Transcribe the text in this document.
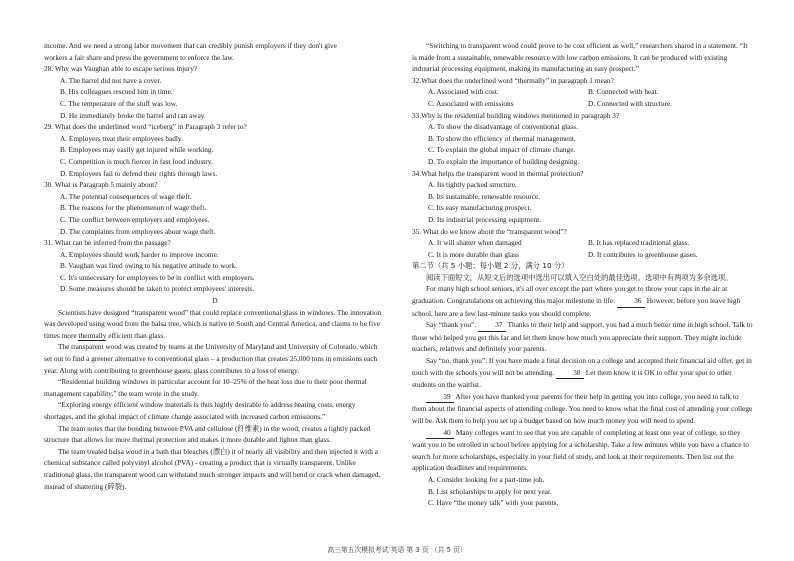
income. And we need a strong labor movement that can credibly punish employers if they don't give

workers a fair share and press the government to enforce the law.

28. Why was Vaughan able to escape serious injury?

A. The barrel did not have a cover.

B. His colleagues rescued him in time.

C. The temperature of the stuff was low.

D. He immediately broke the barrel and ran away.

29. What does the underlined word “iceberg” in Paragraph 3 refer to?

A. Employers treat their employees badly.

B. Employees may easily get injured while working.

C. Competition is much fiercer in fast food industry.

D. Employees fail to defend their rights through laws.

30. What is Paragraph 5 mainly about?

A. The potential consequences of wage theft.

B. The reasons for the phenomenon of wage theft.

C. The conflict between employers and employees.

D. The complaints from employees about wage theft.

31. What can be inferred from the passage?

A. Employees should work harder to improve income.

B. Vaughan was fired owing to his negative attitude to work.

C. It's unnecessary for employees to be in conflict with employers.

D. Some measures should be taken to protect employees' interests.

D

Scientists have designed “transparent wood” that could replace conventional glass in windows. The innovation was developed using wood from the balsa tree, which is native to South and Central America, and claims to be five times more thermally efficient than glass.

The transparent wood was created by teams at the University of Maryland and University of Colorado, which set out to find a greener alternative to conventional glass – a production that creates 25,000 tons in emissions each year. Along with contributing to greenhouse gases, glass contributes to a loss of energy.

“Residential building windows in particular account for 10–25% of the heat loss due to their poor thermal management capability,” the team wrote in the study.

“Exploring energy efficient window materials is thus highly desirable to address heating costs, energy shortages, and the global impact of climate change associated with increased carbon emissions.”

The team notes that the bonding between PVA and cellulose (纤维素) in the wood, creates a tightly packed structure that allows for more thermal protection and makes it more durable and lighter than glass.

The team treated balsa wood in a bath that bleaches (漂白) it of nearly all visibility and then injected it with a chemical substance called polyvinyl alcohol (PVA) - creating a product that is virtually transparent. Unlike traditional glass, the transparent wood can withstand much stronger impacts and will bend or crack when damaged, instead of shattering (碎裂).

“Switching to transparent wood could prove to be cost efficient as well,” researchers shared in a statement. “It is made from a sustainable, renewable resource with low carbon emissions. It can be produced with existing industrial processing equipment, making its manufacturing an easy prospect.”

32.What does the underlined word “thermally” in paragraph 1 mean?

A. Associated with cost.	B. Connected with heat.

C. Associated with emissions	D. Connected with structure.

33.Why is the residential building windows mentioned in paragraph 3?

A. To show the disadvantage of conventional glass.

B. To show the efficiency of thermal management.

C. To explain the global impact of climate change.

D. To explain the importance of building designing.

34.What helps the transparent wood in thermal protection?

A. Its tightly packed structure.

B. Its sustainable, renewable resource.

C. Its easy manufacturing prospect.

D. Its industrial processing equipment.

35. What do we know about the “transparent wood”?

A. It will shatter when damaged	B. It has replaced traditional glass.

C. It is more durable than glass	D. It contributes to greenhouse gases.

第二节（共 5 小题；每小题 2 分，满分 10 分）

阅读下面短文，从短文后的选项中选出可以填入空白处的最佳选项。选项中有两项为多余选项。

For many high school seniors, it's all over except the part where you get to throw your caps in the air at graduation. Congratulations on achieving this major milestone in life. 36 However, before you leave high school, here are a few last-minute tasks you should complete.

Say “thank you”. 37 Thanks to their help and support, you had a much better time in high school. Talk to those who helped you get this far and let them know how much you appreciate their support. They might include teachers, relatives and definitely your parents.

Say “no, thank you”. If you have made a final decision on a college and accepted their financial aid offer, get in touch with the schools you will not be attending. 38 Let them know it is OK to offer your spot to other students on the waitlist.

39 After you have thanked your parents for their help in getting you into college, you need to talk to them about the financial aspects of attending college. You need to know what the final cost of attending your college will be. Ask them to help you set up a budget based on how much money you will need to spend.

40 Many colleges want to see that you are capable of completing at least one year of college, so they want you to be enrolled in school before applying for a scholarship. Take a few minutes while you have a chance to search for more scholarships, especially in your field of study, and look at their requirements. Then list out the application deadlines and requirements.

A. Consider looking for a part-time job.

B. List scholarships to apply for next year.

C. Have “the money talk” with your parents.

高三第五次模拟考试 英语 第 3 页 （共 5 页）
